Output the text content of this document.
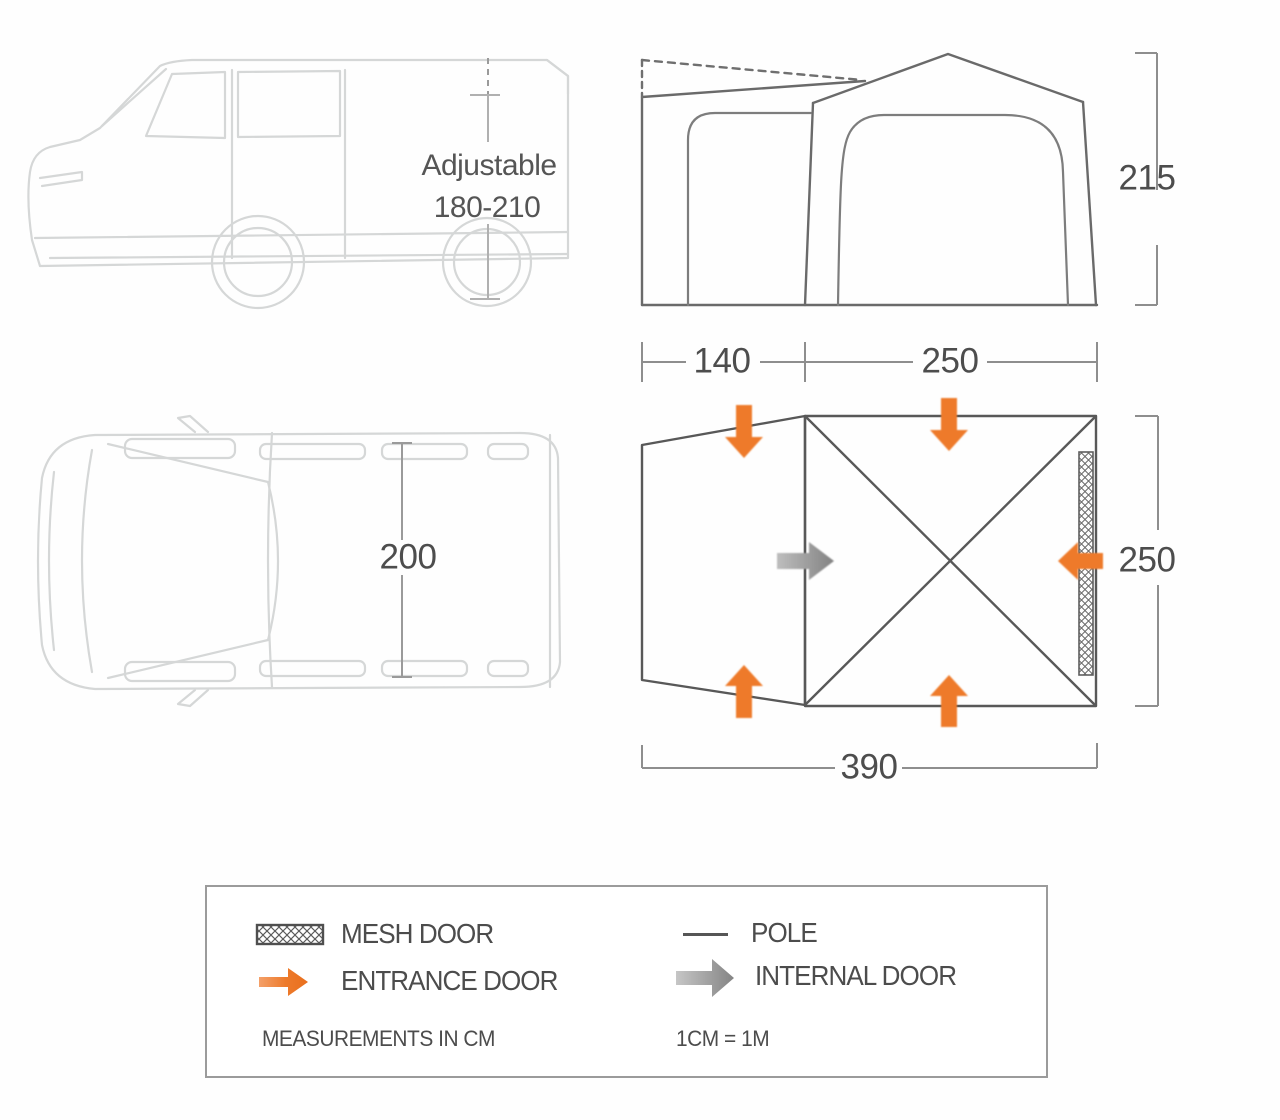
Adjustable
180-210
215
140	250
200	250
390
MESH DOOR	POLE
ENTRANCE DOOR	INTERNAL DOOR
MEASUREMENTS IN CM	1CM = 1M
